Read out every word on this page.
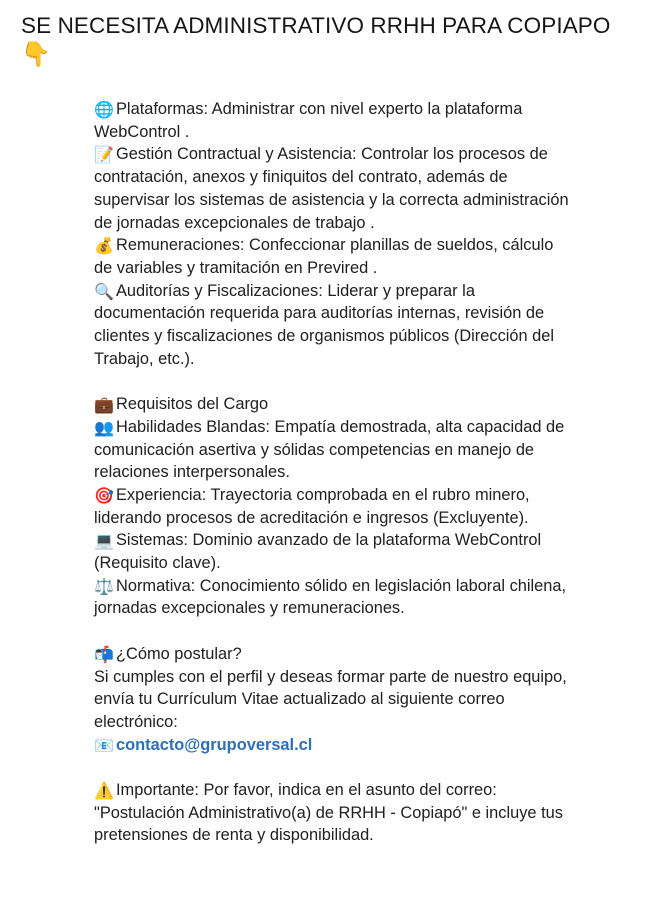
SE NECESITA ADMINISTRATIVO RRHH PARA COPIAPO
👇

🌐 Plataformas: Administrar con nivel experto la plataforma WebControl .

📝 Gestión Contractual y Asistencia: Controlar los procesos de contratación, anexos y finiquitos del contrato, además de supervisar los sistemas de asistencia y la correcta administración de jornadas excepcionales de trabajo .

💰 Remuneraciones: Confeccionar planillas de sueldos, cálculo de variables y tramitación en Previred .

🔍 Auditorías y Fiscalizaciones: Liderar y preparar la documentación requerida para auditorías internas, revisión de clientes y fiscalizaciones de organismos públicos (Dirección del Trabajo, etc.).

💼 Requisitos del Cargo

👥 Habilidades Blandas: Empatía demostrada, alta capacidad de comunicación asertiva y sólidas competencias en manejo de relaciones interpersonales.

🎯 Experiencia: Trayectoria comprobada en el rubro minero, liderando procesos de acreditación e ingresos (Excluyente).

💻 Sistemas: Dominio avanzado de la plataforma WebControl (Requisito clave).

⚖️ Normativa: Conocimiento sólido en legislación laboral chilena, jornadas excepcionales y remuneraciones.

📬 ¿Cómo postular?

Si cumples con el perfil y deseas formar parte de nuestro equipo, envía tu Currículum Vitae actualizado al siguiente correo electrónico:

📧 contacto@grupoversal.cl

⚠️ Importante: Por favor, indica en el asunto del correo: "Postulación Administrativo(a) de RRHH - Copiapó" e incluye tus pretensiones de renta y disponibilidad.
